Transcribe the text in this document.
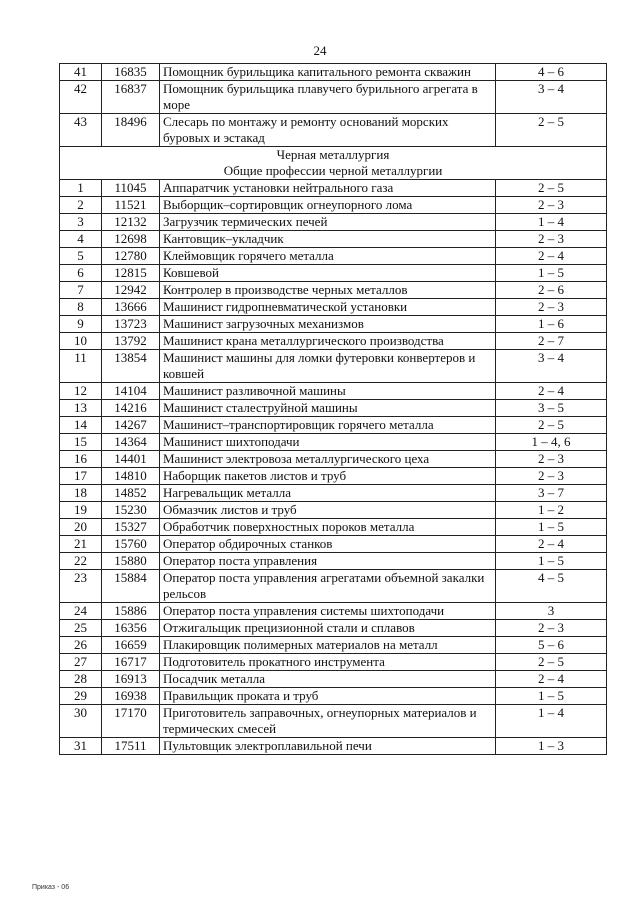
24
41	16835	Помощник бурильщика капитального ремонта скважин	4 – 6
42	16837	Помощник бурильщика плавучего бурильного агрегата в море	3 – 4
43	18496	Слесарь по монтажу и ремонту оснований морских буровых и эстакад	2 – 5

Черная металлургия
Общие профессии черной металлургии			

1	11045	Аппаратчик установки нейтрального газа	2 – 5
2	11521	Выборщик–сортировщик огнеупорного лома	2 – 3
3	12132	Загрузчик термических печей	1 – 4
4	12698	Кантовщик–укладчик	2 – 3
5	12780	Клеймовщик горячего металла	2 – 4
6	12815	Ковшевой	1 – 5
7	12942	Контролер в производстве черных металлов	2 – 6
8	13666	Машинист гидропневматической установки	2 – 3
9	13723	Машинист загрузочных механизмов	1 – 6
10	13792	Машинист крана металлургического производства	2 – 7
11	13854	Машинист машины для ломки футеровки конвертеров и ковшей	3 – 4
12	14104	Машинист разливочной машины	2 – 4
13	14216	Машинист сталеструйной машины	3 – 5
14	14267	Машинист–транспортировщик горячего металла	2 – 5
15	14364	Машинист шихтоподачи	1 – 4, 6
16	14401	Машинист электровоза металлургического цеха	2 – 3
17	14810	Наборщик пакетов листов и труб	2 – 3
18	14852	Нагревальщик металла	3 – 7
19	15230	Обмазчик листов и труб	1 – 2
20	15327	Обработчик поверхностных пороков металла	1 – 5
21	15760	Оператор обдирочных станков	2 – 4
22	15880	Оператор поста управления	1 – 5
23	15884	Оператор поста управления агрегатами объемной закалки рельсов	4 – 5
24	15886	Оператор поста управления системы шихтоподачи	3
25	16356	Отжигальщик прецизионной стали и сплавов	2 – 3
26	16659	Плакировщик полимерных материалов на металл	5 – 6
27	16717	Подготовитель прокатного инструмента	2 – 5
28	16913	Посадчик металла	2 – 4
29	16938	Правильщик проката и труб	1 – 5
30	17170	Приготовитель заправочных, огнеупорных материалов и термических смесей	1 – 4
31	17511	Пультовщик электроплавильной печи	1 – 3
Приказ - 06
